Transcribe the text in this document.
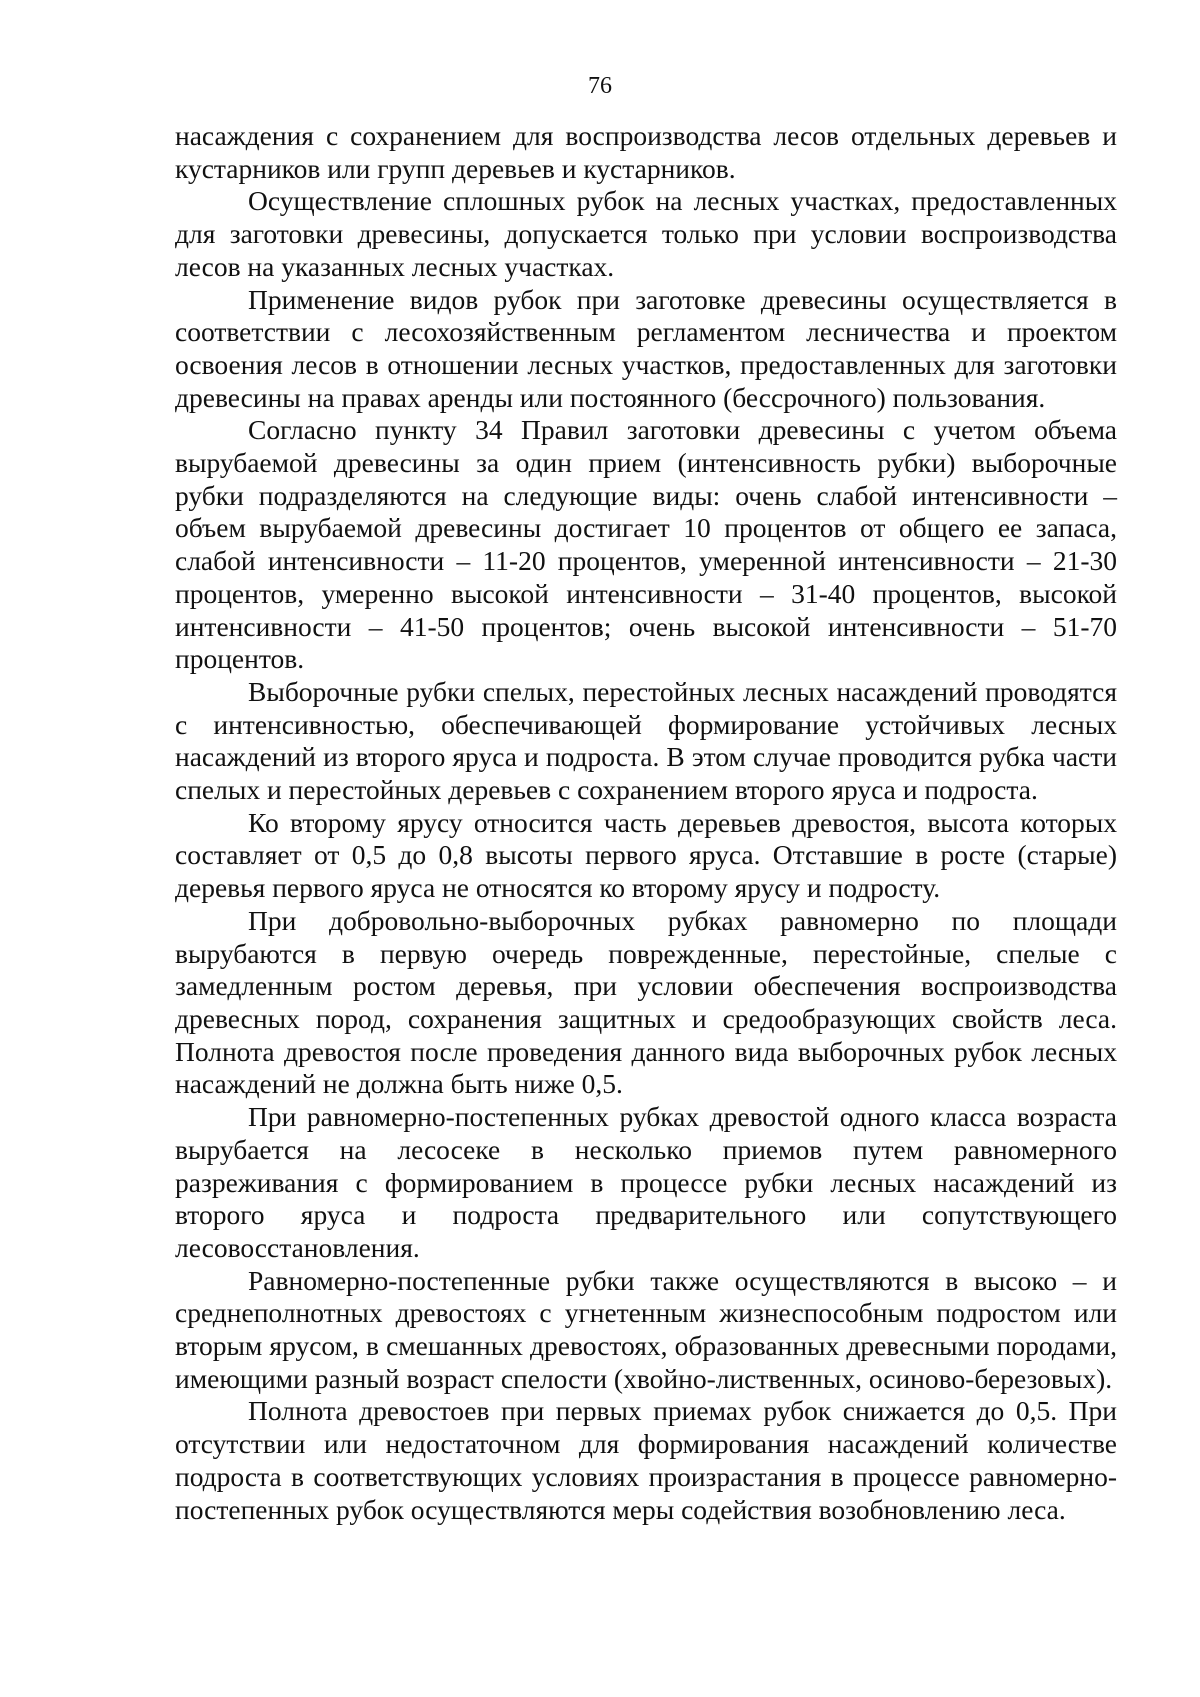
76

насаждения с сохранением для воспроизводства лесов отдельных деревьев и кустарников или групп деревьев и кустарников.

Осуществление сплошных рубок на лесных участках, предоставленных для заготовки древесины, допускается только при условии воспроизводства лесов на указанных лесных участках.

Применение видов рубок при заготовке древесины осуществляется в соответствии с лесохозяйственным регламентом лесничества и проектом освоения лесов в отношении лесных участков, предоставленных для заготовки древесины на правах аренды или постоянного (бессрочного) пользования.

Согласно пункту 34 Правил заготовки древесины с учетом объема вырубаемой древесины за один прием (интенсивность рубки) выборочные рубки подразделяются на следующие виды: очень слабой интенсивности – объем вырубаемой древесины достигает 10 процентов от общего ее запаса, слабой интенсивности – 11-20 процентов, умеренной интенсивности – 21-30 процентов, умеренно высокой интенсивности – 31-40 процентов, высокой интенсивности – 41-50 процентов; очень высокой интенсивности – 51-70 процентов.

Выборочные рубки спелых, перестойных лесных насаждений проводятся с интенсивностью, обеспечивающей формирование устойчивых лесных насаждений из второго яруса и подроста. В этом случае проводится рубка части спелых и перестойных деревьев с сохранением второго яруса и подроста.

Ко второму ярусу относится часть деревьев древостоя, высота которых составляет от 0,5 до 0,8 высоты первого яруса. Отставшие в росте (старые) деревья первого яруса не относятся ко второму ярусу и подросту.

При добровольно-выборочных рубках равномерно по площади вырубаются в первую очередь поврежденные, перестойные, спелые с замедленным ростом деревья, при условии обеспечения воспроизводства древесных пород, сохранения защитных и средообразующих свойств леса. Полнота древостоя после проведения данного вида выборочных рубок лесных насаждений не должна быть ниже 0,5.

При равномерно-постепенных рубках древостой одного класса возраста вырубается на лесосеке в несколько приемов путем равномерного разреживания с формированием в процессе рубки лесных насаждений из второго яруса и подроста предварительного или сопутствующего лесовосстановления.

Равномерно-постепенные рубки также осуществляются в высоко – и среднеполнотных древостоях с угнетенным жизнеспособным подростом или вторым ярусом, в смешанных древостоях, образованных древесными породами, имеющими разный возраст спелости (хвойно-лиственных, осиново-березовых).

Полнота древостоев при первых приемах рубок снижается до 0,5. При отсутствии или недостаточном для формирования насаждений количестве подроста в соответствующих условиях произрастания в процессе равномерно-постепенных рубок осуществляются меры содействия возобновлению леса.
